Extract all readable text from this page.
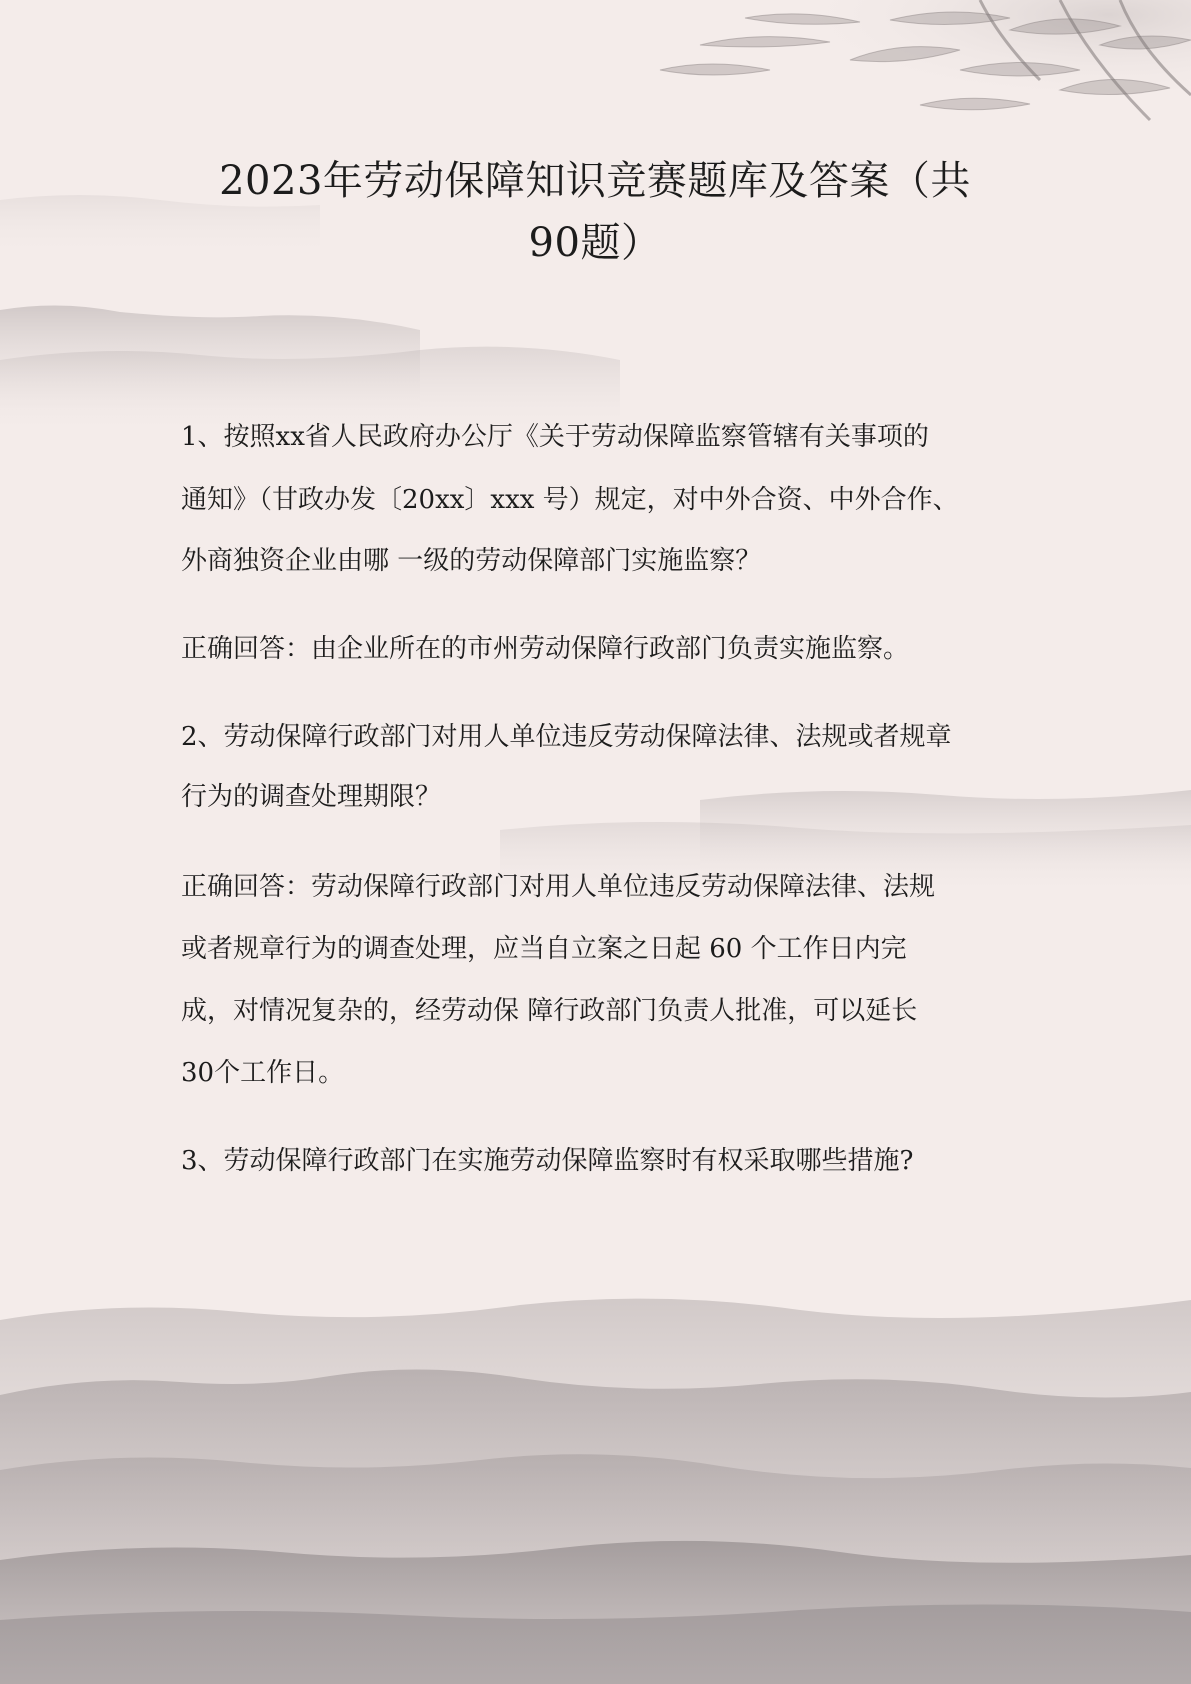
2023年劳动保障知识竞赛题库及答案（共
90题）

1、按照xx省人民政府办公厅《关于劳动保障监察管辖有关事项的

通知》（甘政办发〔20xx〕xxx 号）规定，对中外合资、中外合作、

外商独资企业由哪 一级的劳动保障部门实施监察？

正确回答：由企业所在的市州劳动保障行政部门负责实施监察。

2、劳动保障行政部门对用人单位违反劳动保障法律、法规或者规章

行为的调查处理期限？

正确回答：劳动保障行政部门对用人单位违反劳动保障法律、法规

或者规章行为的调查处理，应当自立案之日起 60 个工作日内完

成，对情况复杂的，经劳动保 障行政部门负责人批准，可以延长

30个工作日。

3、劳动保障行政部门在实施劳动保障监察时有权采取哪些措施?
